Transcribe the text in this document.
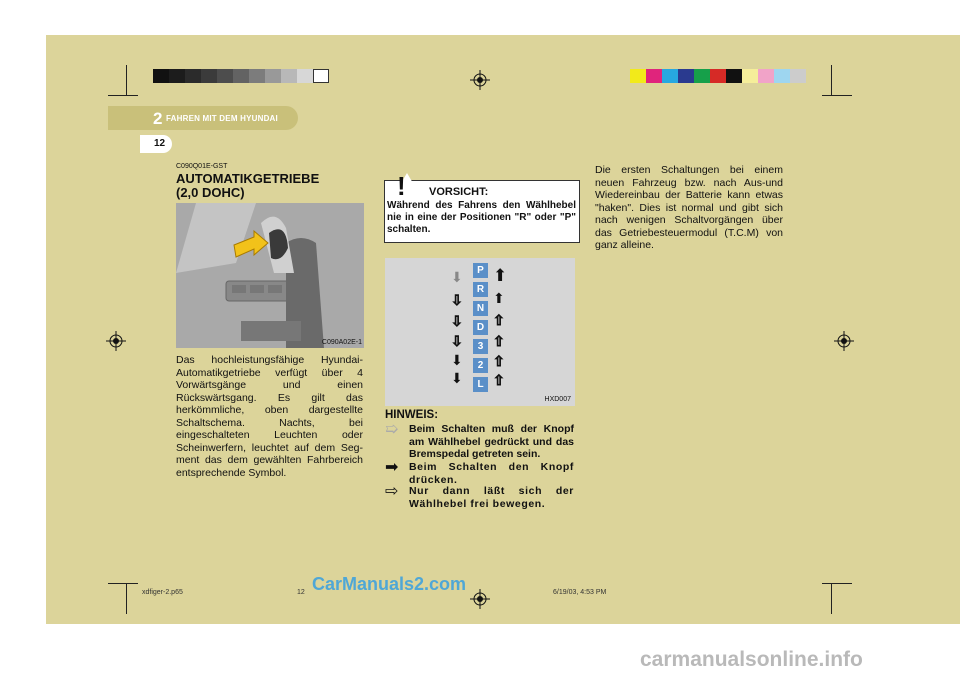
2 FAHREN MIT DEM HYUNDAI
12
C090Q01E-GST
AUTOMATIKGETRIEBE
(2,0 DOHC)
C090A02E-1
Das hochleistungsfähige Hyundai-Automatikgetriebe verfügt über 4 Vorwärtsgänge und einen Rückswärtsgang. Es gilt das herkömmliche, oben dargestellte Schaltschema. Nachts, bei eingeschalteten Leuchten oder Scheinwerfern, leuchtet auf dem Seg-ment das dem gewählten Fahrbereich entsprechende Symbol.
! VORSICHT:
Während des Fahrens den Wählhebel nie in eine der Positionen "R" oder "P" schalten.
P
R
N
D
3
2
L
⬇
⇩
⇩
⇩
⬇
⬇
⬆
⬆
⇧
⇧
⇧
⇧
HXD007
HINWEIS:
➯ Beim Schalten muß der Knopf am Wählhebel gedrückt und das Bremspedal getreten sein.
➡ Beim Schalten den Knopf drücken.
⇨ Nur dann läßt sich der Wählhebel frei bewegen.
Die ersten Schaltungen bei einem neuen Fahrzeug bzw. nach Aus-und Wiedereinbau der Batterie kann etwas "haken". Dies ist normal und gibt sich nach wenigen Schaltvorgängen über das Getriebesteuermodul (T.C.M) von ganz alleine.
xdfiger-2.p65	12	6/19/03, 4:53 PM
CarManuals2.com
carmanualsonline.info
